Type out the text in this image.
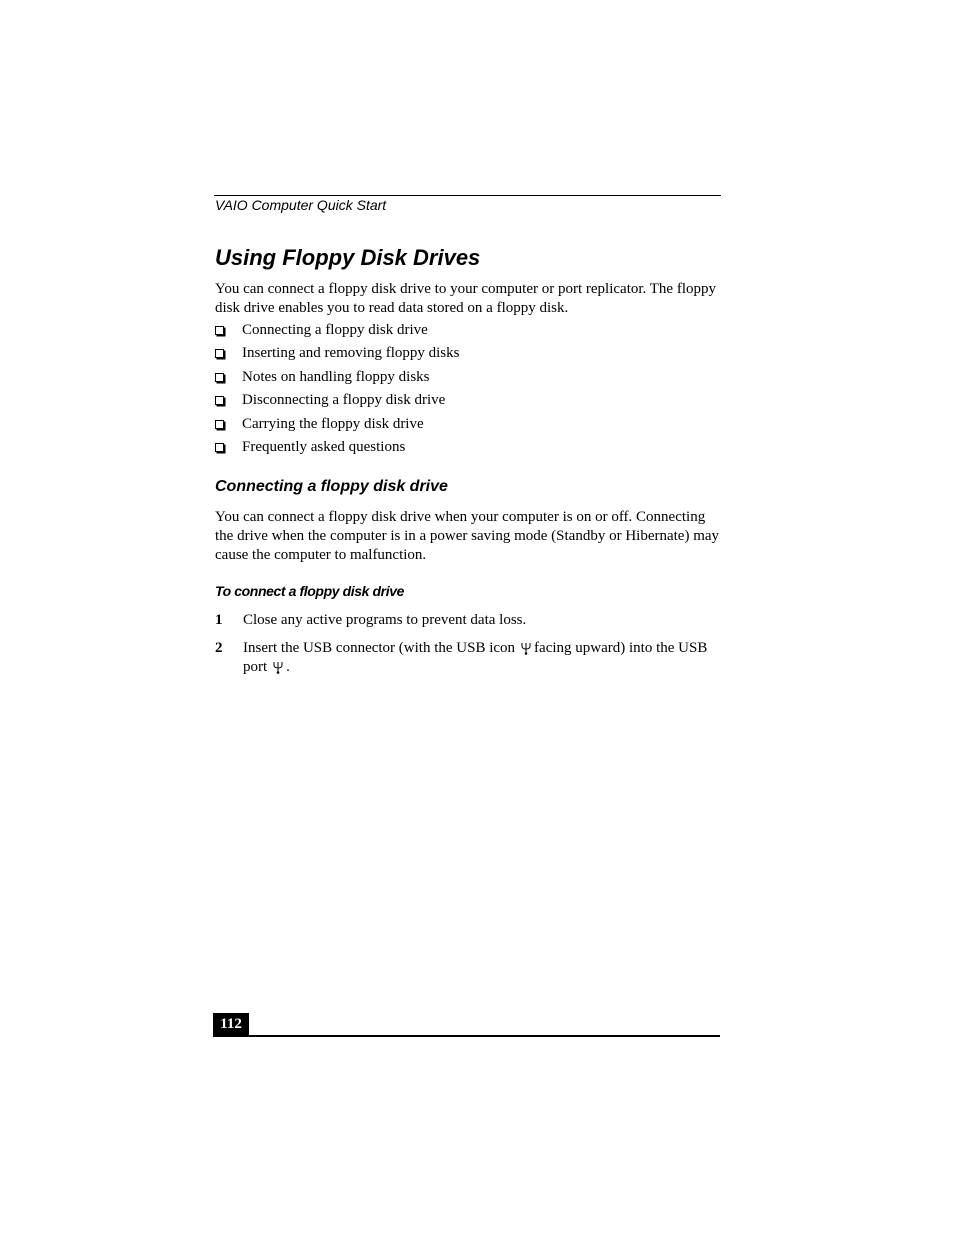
VAIO Computer Quick Start
Using Floppy Disk Drives

You can connect a floppy disk drive to your computer or port replicator. The floppy disk drive enables you to read data stored on a floppy disk.

Connecting a floppy disk drive
Inserting and removing floppy disks
Notes on handling floppy disks
Disconnecting a floppy disk drive
Carrying the floppy disk drive
Frequently asked questions
Connecting a floppy disk drive

You can connect a floppy disk drive when your computer is on or off. Connecting the drive when the computer is in a power saving mode (Standby or Hibernate) may cause the computer to malfunction.

To connect a floppy disk drive
1 Close any active programs to prevent data loss.
2 Insert the USB connector (with the USB icon facing upward) into the USB port .
112
